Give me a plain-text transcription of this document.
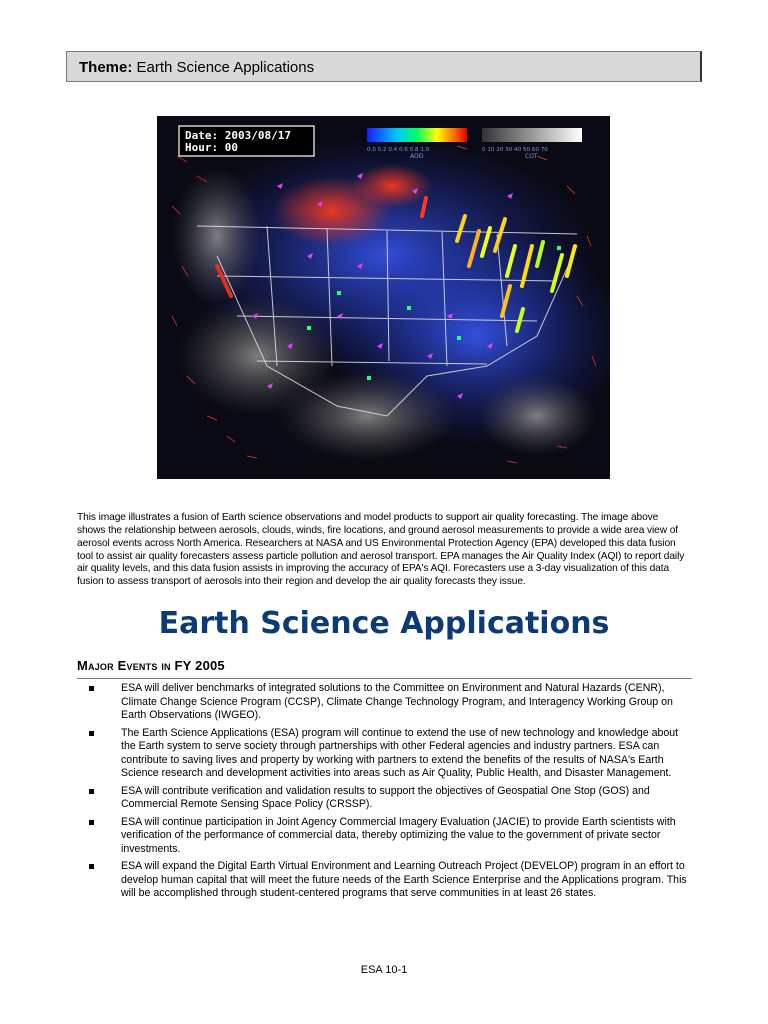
Theme: Earth Science Applications
Date: 2003/08/17
Hour: 00	0.0 0.2 0.4 0.6 0.8 1.0	0 10 20 30 40 50 60 70
AOD	COT

This image illustrates a fusion of Earth science observations and model products to support air quality forecasting. The image above shows the relationship between aerosols, clouds, winds, fire locations, and ground aerosol measurements to provide a wide area view of aerosol events across North America. Researchers at NASA and US Environmental Protection Agency (EPA) developed this data fusion tool to assist air quality forecasters assess particle pollution and aerosol transport. EPA manages the Air Quality Index (AQI) to report daily air quality levels, and this data fusion assists in improving the accuracy of EPA's AQI. Forecasters use a 3-day visualization of this data fusion to assess transport of aerosols into their region and develop the air quality forecasts they issue.

Earth Science Applications
Major Events in FY 2005
ESA will deliver benchmarks of integrated solutions to the Committee on Environment and Natural Hazards (CENR), Climate Change Science Program (CCSP), Climate Change Technology Program, and Interagency Working Group on Earth Observations (IWGEO).
The Earth Science Applications (ESA) program will continue to extend the use of new technology and knowledge about the Earth system to serve society through partnerships with other Federal agencies and industry partners. ESA can contribute to saving lives and property by working with partners to extend the benefits of the results of NASA's Earth Science research and development activities into areas such as Air Quality, Public Health, and Disaster Management.
ESA will contribute verification and validation results to support the objectives of Geospatial One Stop (GOS) and Commercial Remote Sensing Space Policy (CRSSP).
ESA will continue participation in Joint Agency Commercial Imagery Evaluation (JACIE) to provide Earth scientists with verification of the performance of commercial data, thereby optimizing the value to the government of private sector investments.
ESA will expand the Digital Earth Virtual Environment and Learning Outreach Project (DEVELOP) program in an effort to develop human capital that will meet the future needs of the Earth Science Enterprise and the Applications program. This will be accomplished through student-centered programs that serve communities in at least 26 states.
ESA 10-1
